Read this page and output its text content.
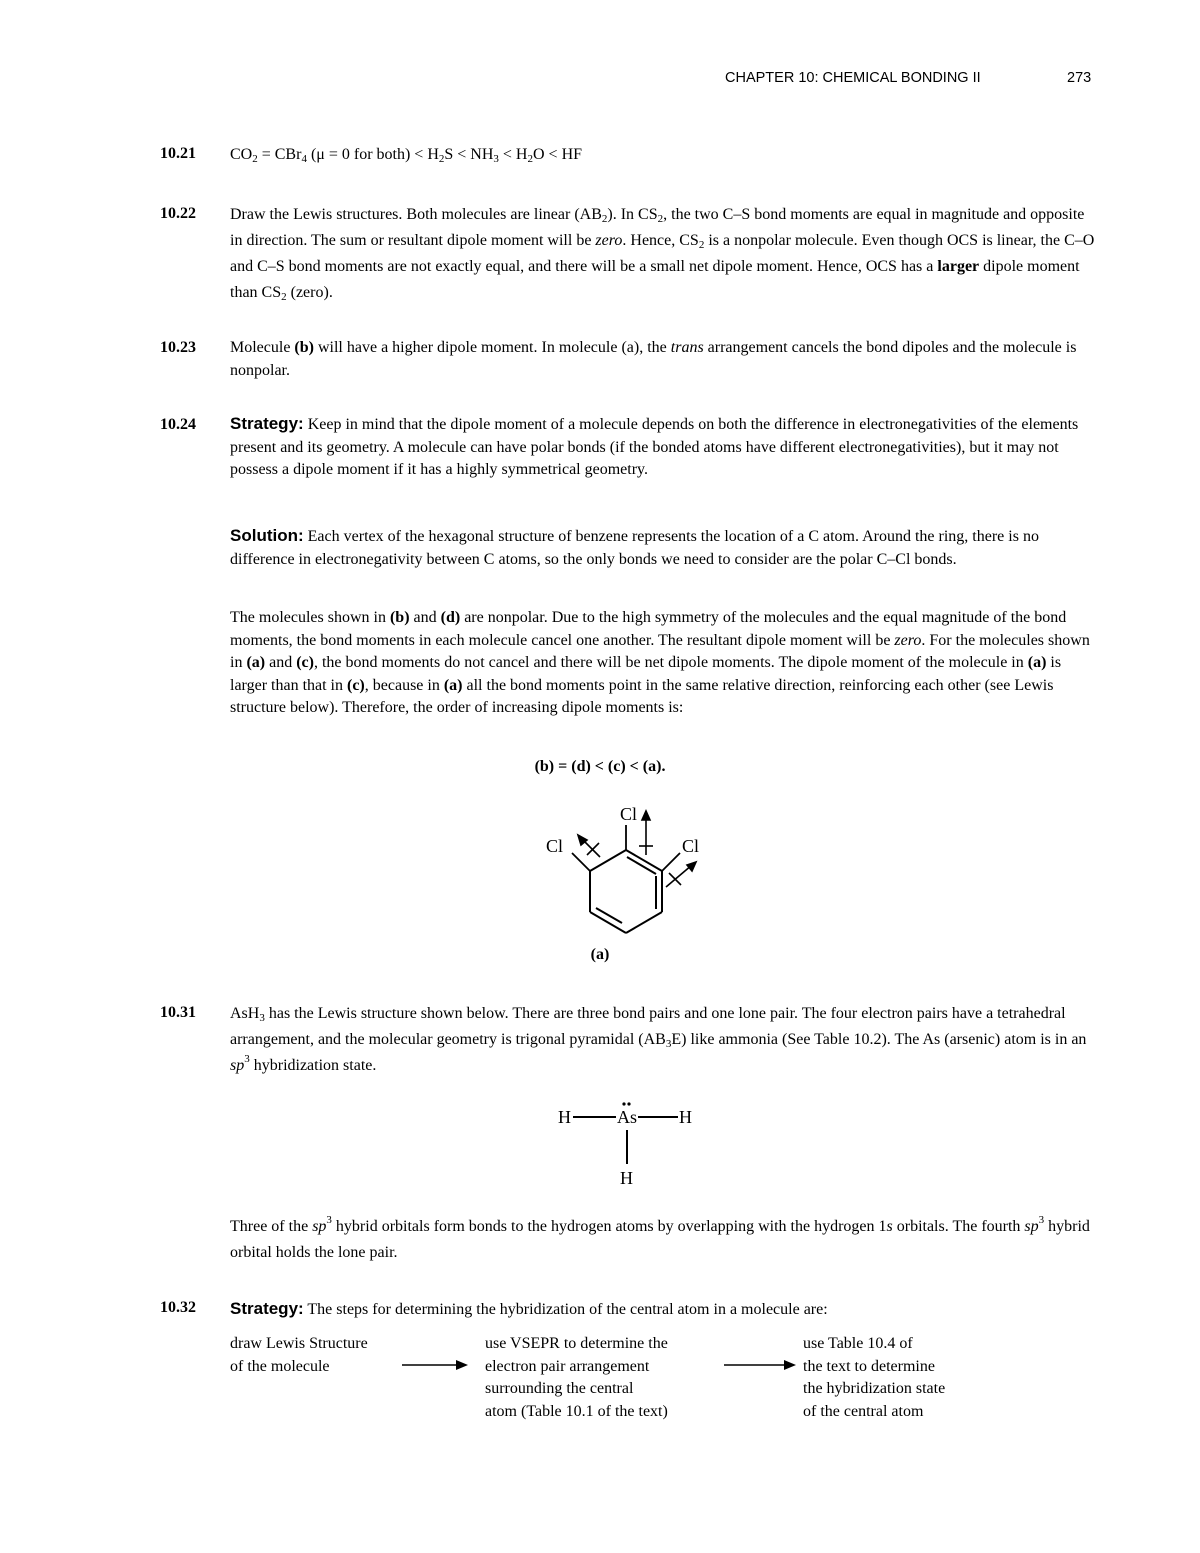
CHAPTER 10: CHEMICAL BONDING II	273
10.21 $CO_2 = CBr_4$ (μ = 0 for both) < $H_2S < NH_3 < H_2O$ < HF
10.22 Draw the Lewis structures. Both molecules are linear $(AB_2)$. In $CS_2$, the two C–S bond moments are equal in magnitude and opposite in direction. The sum or resultant dipole moment will be zero. Hence, $CS_2$ is a nonpolar molecule. Even though OCS is linear, the C–O and C–S bond moments are not exactly equal, and there will be a small net dipole moment. Hence, OCS has a larger dipole moment than $CS_2$ (zero).
10.23 Molecule (b) will have a higher dipole moment. In molecule (a), the trans arrangement cancels the bond dipoles and the molecule is nonpolar.
10.24 Strategy: Keep in mind that the dipole moment of a molecule depends on both the difference in electronegativities of the elements present and its geometry. A molecule can have polar bonds (if the bonded atoms have different electronegativities), but it may not possess a dipole moment if it has a highly symmetrical geometry.
Solution: Each vertex of the hexagonal structure of benzene represents the location of a C atom. Around the ring, there is no difference in electronegativity between C atoms, so the only bonds we need to consider are the polar C–Cl bonds.
The molecules shown in (b) and (d) are nonpolar. Due to the high symmetry of the molecules and the equal magnitude of the bond moments, the bond moments in each molecule cancel one another. The resultant dipole moment will be zero. For the molecules shown in (a) and (c), the bond moments do not cancel and there will be net dipole moments. The dipole moment of the molecule in (a) is larger than that in (c), because in (a) all the bond moments point in the same relative direction, reinforcing each other (see Lewis structure below). Therefore, the order of increasing dipole moments is:
(b) = (d) < (c) < (a).
Cl
Cl	Cl
(a)
10.31 AsH$_3$ has the Lewis structure shown below. There are three bond pairs and one lone pair. The four electron pairs have a tetrahedral arrangement, and the molecular geometry is trigonal pyramidal $(AB_3E)$ like ammonia (See Table 10.2). The As (arsenic) atom is in an $sp^3$ hybridization state.
H	As H
H
Three of the $sp^3$ hybrid orbitals form bonds to the hydrogen atoms by overlapping with the hydrogen 1s orbitals. The fourth $sp^3$ hybrid orbital holds the lone pair.
10.32 Strategy: The steps for determining the hybridization of the central atom in a molecule are:
draw Lewis Structure
of the molecule
use VSEPR to determine the
electron pair arrangement
surrounding the central
atom (Table 10.1 of the text)
use Table 10.4 of
the text to determine
the hybridization state
of the central atom
